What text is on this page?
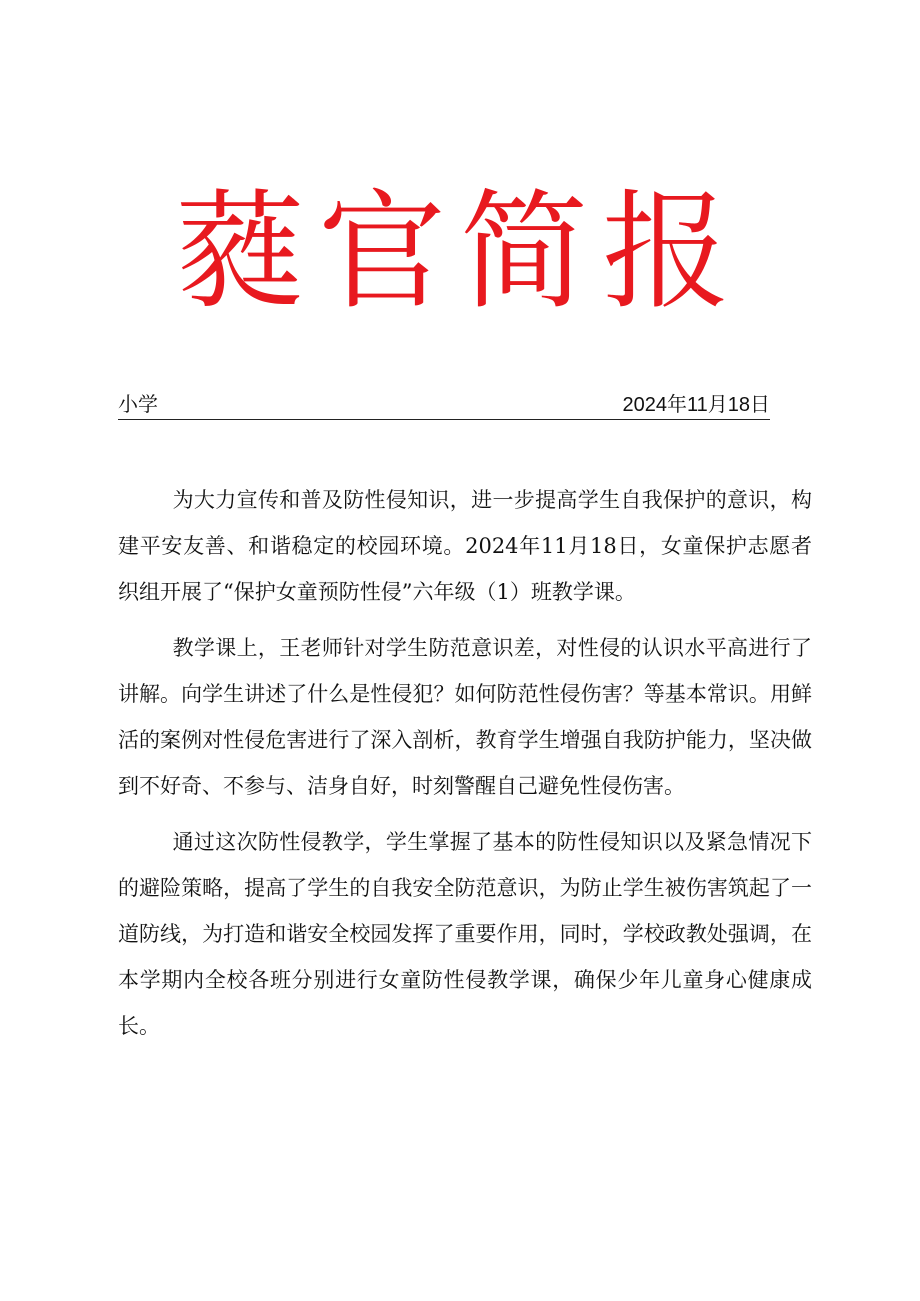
蕤官简报
小学	2024年11月18日

为大力宣传和普及防性侵知识，进一步提高学生自我保护的意识，构建平安友善、和谐稳定的校园环境。2024年11月18日，女童保护志愿者织组开展了“保护女童预防性侵”六年级（1）班教学课。

教学课上，王老师针对学生防范意识差，对性侵的认识水平高进行了讲解。向学生讲述了什么是性侵犯？如何防范性侵伤害？等基本常识。用鲜活的案例对性侵危害进行了深入剖析，教育学生增强自我防护能力，坚决做到不好奇、不参与、洁身自好，时刻警醒自己避免性侵伤害。

通过这次防性侵教学，学生掌握了基本的防性侵知识以及紧急情况下的避险策略，提高了学生的自我安全防范意识，为防止学生被伤害筑起了一道防线，为打造和谐安全校园发挥了重要作用，同时，学校政教处强调，在本学期内全校各班分别进行女童防性侵教学课，确保少年儿童身心健康成长。
